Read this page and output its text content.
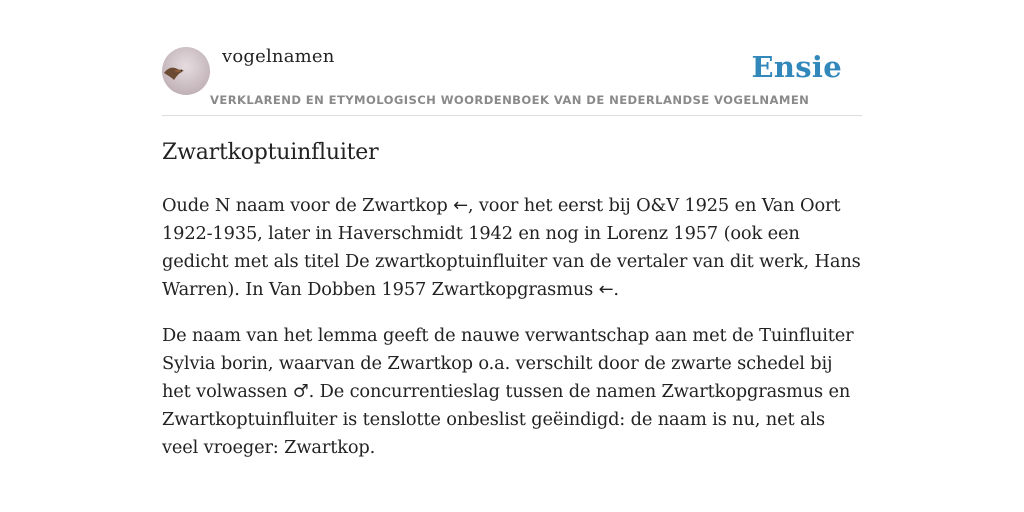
vogelnamen	Ensie
VERKLAREND EN ETYMOLOGISCH WOORDENBOEK VAN DE NEDERLANDSE VOGELNAMEN
Zwartkoptuinfluiter

Oude N naam voor de Zwartkop ←, voor het eerst bij O&V 1925 en Van Oort 1922-1935, later in Haverschmidt 1942 en nog in Lorenz 1957 (ook een gedicht met als titel De zwartkoptuinfluiter van de vertaler van dit werk, Hans Warren). In Van Dobben 1957 Zwartkopgrasmus ←.

De naam van het lemma geeft de nauwe verwantschap aan met de Tuinfluiter Sylvia borin, waarvan de Zwartkop o.a. verschilt door de zwarte schedel bij het volwassen ♂. De concurrentieslag tussen de namen Zwartkopgrasmus en Zwartkoptuinfluiter is tenslotte onbeslist geëindigd: de naam is nu, net als veel vroeger: Zwartkop.
